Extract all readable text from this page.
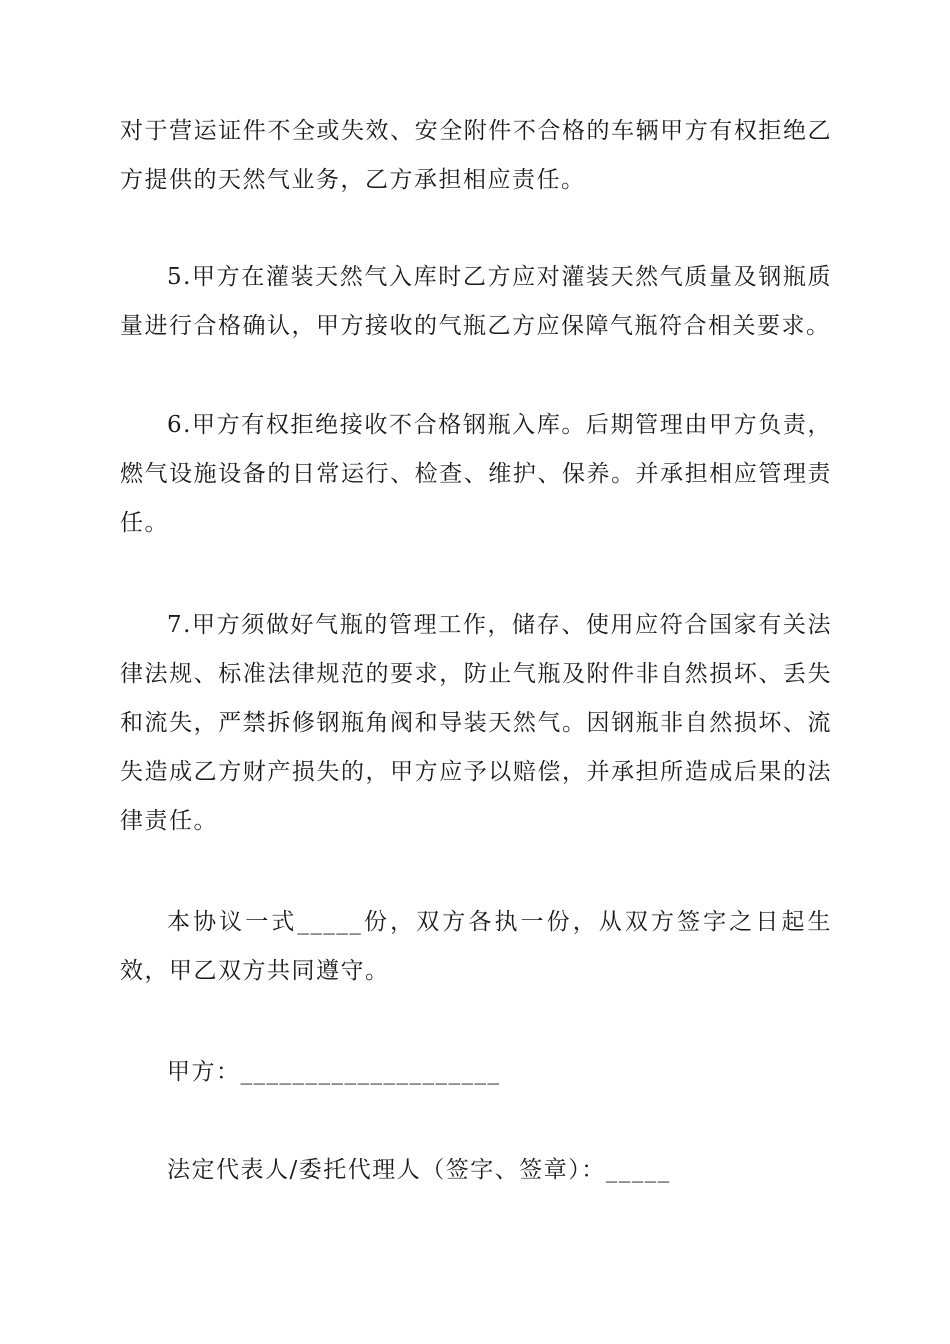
对于营运证件不全或失效、安全附件不合格的车辆甲方有权拒绝乙方提供的天然气业务，乙方承担相应责任。

5.甲方在灌装天然气入库时乙方应对灌装天然气质量及钢瓶质量进行合格确认，甲方接收的气瓶乙方应保障气瓶符合相关要求。

6.甲方有权拒绝接收不合格钢瓶入库。后期管理由甲方负责，燃气设施设备的日常运行、检查、维护、保养。并承担相应管理责任。

7.甲方须做好气瓶的管理工作，储存、使用应符合国家有关法律法规、标准法律规范的要求，防止气瓶及附件非自然损坏、丢失和流失，严禁拆修钢瓶角阀和导装天然气。因钢瓶非自然损坏、流失造成乙方财产损失的，甲方应予以赔偿，并承担所造成后果的法律责任。

本协议一式_____份，双方各执一份，从双方签字之日起生效，甲乙双方共同遵守。

甲方：____________________

法定代表人/委托代理人（签字、签章）：_____
